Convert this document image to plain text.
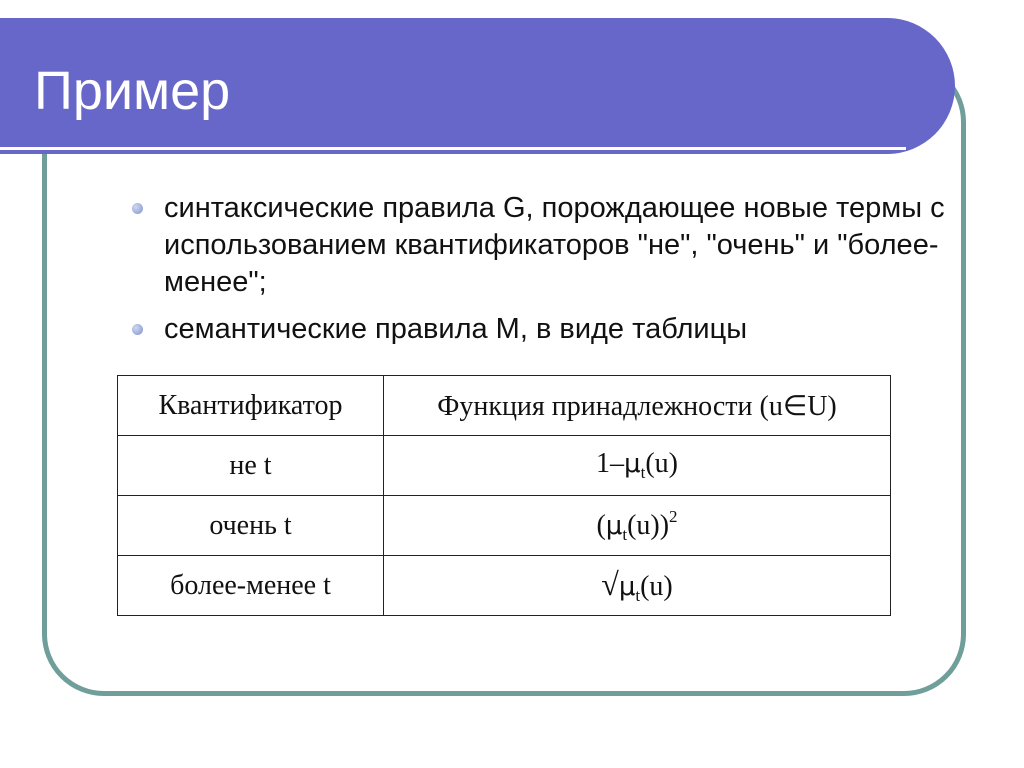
Пример
синтаксические правила G, порождающее новые термы с использованием квантификаторов "не", "очень" и "более-менее";
семантические правила M, в виде таблицы
Квантификатор	Функция принадлежности (u∈U)
не t	$1-\mu_t(u)$
очень t	$(\mu_t(u))^2$
более-менее t	$√\mu_t(u)$
